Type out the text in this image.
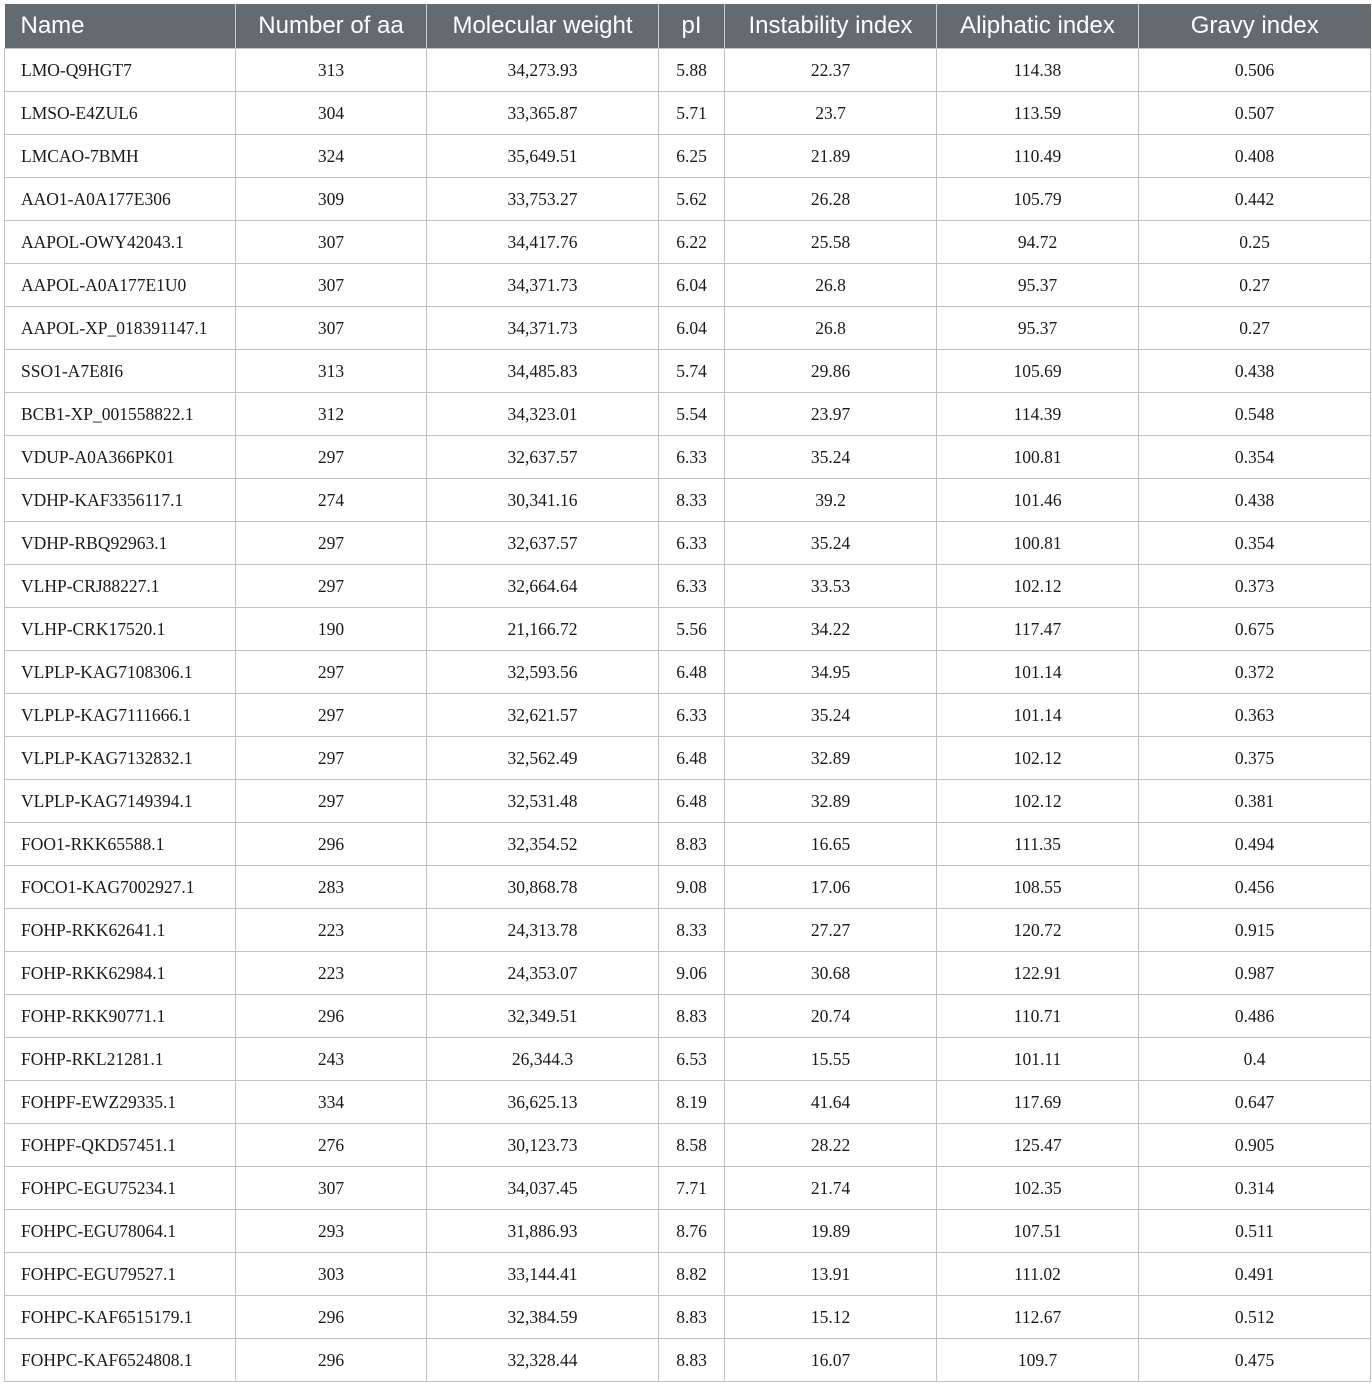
Name	Number of aa	Molecular weight	pI	Instability index	Aliphatic index	Gravy index
LMO-Q9HGT7	313	34,273.93	5.88	22.37	114.38	0.506
LMSO-E4ZUL6	304	33,365.87	5.71	23.7	113.59	0.507
LMCAO-7BMH	324	35,649.51	6.25	21.89	110.49	0.408
AAO1-A0A177E306	309	33,753.27	5.62	26.28	105.79	0.442
AAPOL-OWY42043.1	307	34,417.76	6.22	25.58	94.72	0.25
AAPOL-A0A177E1U0	307	34,371.73	6.04	26.8	95.37	0.27
AAPOL-XP_018391147.1	307	34,371.73	6.04	26.8	95.37	0.27
SSO1-A7E8I6	313	34,485.83	5.74	29.86	105.69	0.438
BCB1-XP_001558822.1	312	34,323.01	5.54	23.97	114.39	0.548
VDUP-A0A366PK01	297	32,637.57	6.33	35.24	100.81	0.354
VDHP-KAF3356117.1	274	30,341.16	8.33	39.2	101.46	0.438
VDHP-RBQ92963.1	297	32,637.57	6.33	35.24	100.81	0.354
VLHP-CRJ88227.1	297	32,664.64	6.33	33.53	102.12	0.373
VLHP-CRK17520.1	190	21,166.72	5.56	34.22	117.47	0.675
VLPLP-KAG7108306.1	297	32,593.56	6.48	34.95	101.14	0.372
VLPLP-KAG7111666.1	297	32,621.57	6.33	35.24	101.14	0.363
VLPLP-KAG7132832.1	297	32,562.49	6.48	32.89	102.12	0.375
VLPLP-KAG7149394.1	297	32,531.48	6.48	32.89	102.12	0.381
FOO1-RKK65588.1	296	32,354.52	8.83	16.65	111.35	0.494
FOCO1-KAG7002927.1	283	30,868.78	9.08	17.06	108.55	0.456
FOHP-RKK62641.1	223	24,313.78	8.33	27.27	120.72	0.915
FOHP-RKK62984.1	223	24,353.07	9.06	30.68	122.91	0.987
FOHP-RKK90771.1	296	32,349.51	8.83	20.74	110.71	0.486
FOHP-RKL21281.1	243	26,344.3	6.53	15.55	101.11	0.4
FOHPF-EWZ29335.1	334	36,625.13	8.19	41.64	117.69	0.647
FOHPF-QKD57451.1	276	30,123.73	8.58	28.22	125.47	0.905
FOHPC-EGU75234.1	307	34,037.45	7.71	21.74	102.35	0.314
FOHPC-EGU78064.1	293	31,886.93	8.76	19.89	107.51	0.511
FOHPC-EGU79527.1	303	33,144.41	8.82	13.91	111.02	0.491
FOHPC-KAF6515179.1	296	32,384.59	8.83	15.12	112.67	0.512
FOHPC-KAF6524808.1	296	32,328.44	8.83	16.07	109.7	0.475
